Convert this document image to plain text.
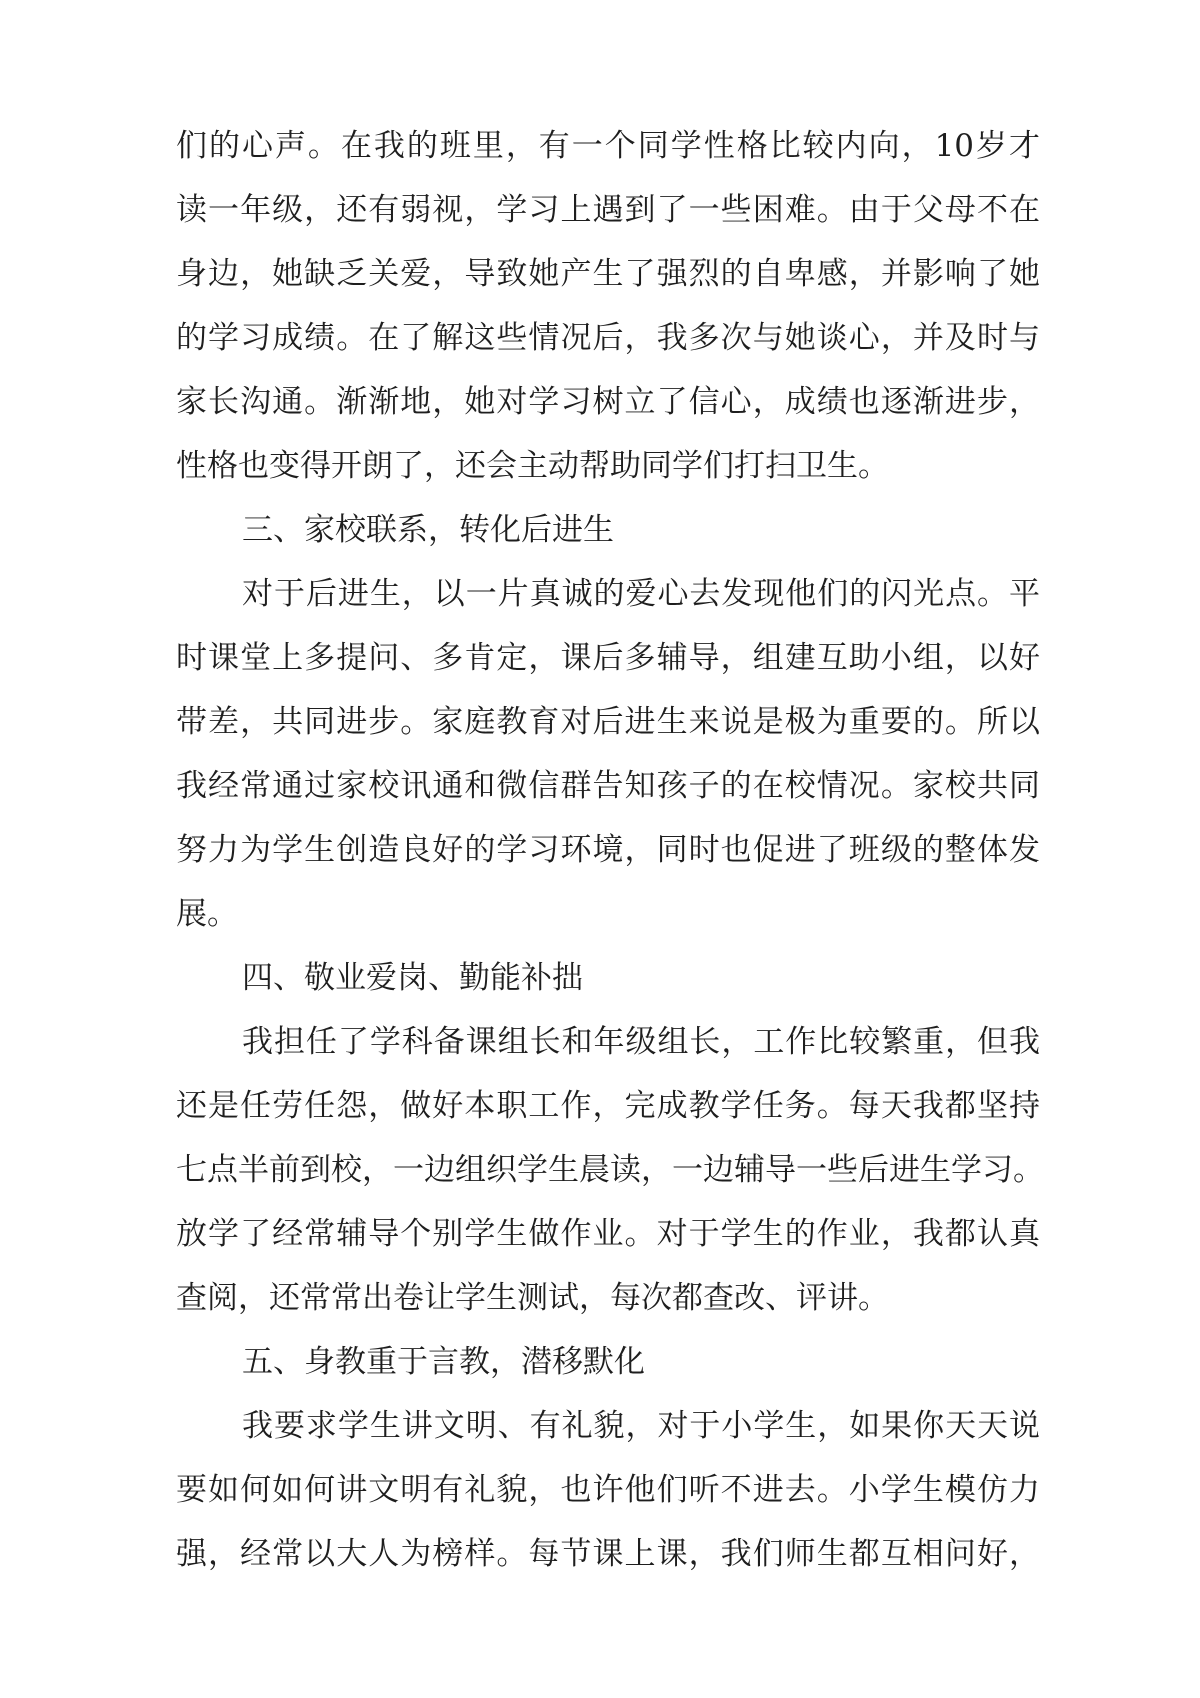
们的心声。在我的班里，有一个同学性格比较内向，10岁才
读一年级，还有弱视，学习上遇到了一些困难。由于父母不在
身边，她缺乏关爱，导致她产生了强烈的自卑感，并影响了她
的学习成绩。在了解这些情况后，我多次与她谈心，并及时与
家长沟通。渐渐地，她对学习树立了信心，成绩也逐渐进步，
性格也变得开朗了，还会主动帮助同学们打扫卫生。
三、家校联系，转化后进生
对于后进生，以一片真诚的爱心去发现他们的闪光点。平
时课堂上多提问、多肯定，课后多辅导，组建互助小组，以好
带差，共同进步。家庭教育对后进生来说是极为重要的。所以
我经常通过家校讯通和微信群告知孩子的在校情况。家校共同
努力为学生创造良好的学习环境，同时也促进了班级的整体发
展。
四、敬业爱岗、勤能补拙
我担任了学科备课组长和年级组长，工作比较繁重，但我
还是任劳任怨，做好本职工作，完成教学任务。每天我都坚持
七点半前到校，一边组织学生晨读，一边辅导一些后进生学习。
放学了经常辅导个别学生做作业。对于学生的作业，我都认真
查阅，还常常出卷让学生测试，每次都查改、评讲。
五、身教重于言教，潜移默化
我要求学生讲文明、有礼貌，对于小学生，如果你天天说
要如何如何讲文明有礼貌，也许他们听不进去。小学生模仿力
强，经常以大人为榜样。每节课上课，我们师生都互相问好，
